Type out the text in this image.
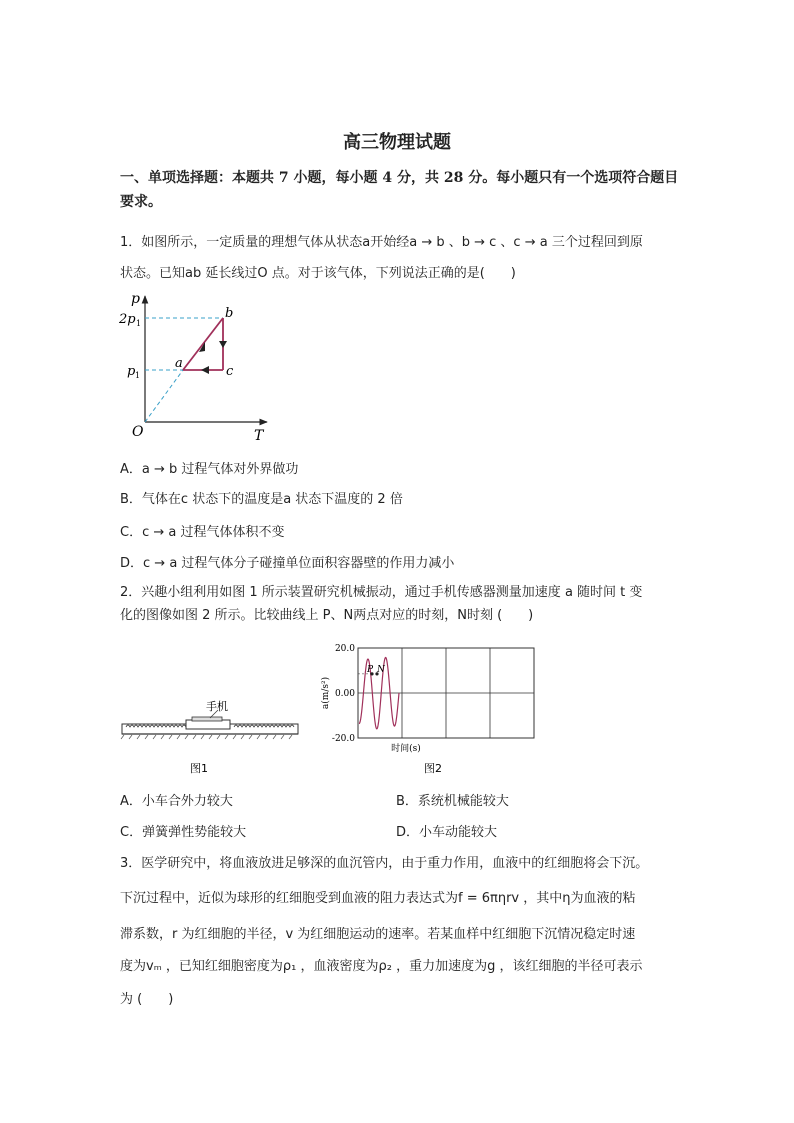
高三物理试题
一、单项选择题：本题共 7 小题，每小题 4 分，共 28 分。每小题只有一个选项符合题目要求。
1．如图所示，一定质量的理想气体从状态a开始经a → b 、b → c 、c → a 三个过程回到原
状态。已知ab 延长线过O 点。对于该气体，下列说法正确的是(　　)
p
T
O
2p 1
p 1
a
b
c
A．a → b 过程气体对外界做功
B．气体在c 状态下的温度是a 状态下温度的 2 倍
C．c → a 过程气体体积不变
D．c → a 过程气体分子碰撞单位面积容器壁的作用力减小
2．兴趣小组利用如图 1 所示装置研究机械振动，通过手机传感器测量加速度 a 随时间 t 变
化的图像如图 2 所示。比较曲线上 P、N两点对应的时刻，N时刻 (　　)
手机
图1
20.0
0.00
-20.0
a(m/s²)
时间(s)
P N
图2
A．小车合外力较大	B．系统机械能较大
C．弹簧弹性势能较大	D．小车动能较大
3．医学研究中，将血液放进足够深的血沉管内，由于重力作用，血液中的红细胞将会下沉。
下沉过程中，近似为球形的红细胞受到血液的阻力表达式为f = 6πηrv ，其中η为血液的粘
滞系数，r 为红细胞的半径，v 为红细胞运动的速率。若某血样中红细胞下沉情况稳定时速
度为vₘ ，已知红细胞密度为ρ₁ ，血液密度为ρ₂ ，重力加速度为g ，该红细胞的半径可表示
为 (　　)
